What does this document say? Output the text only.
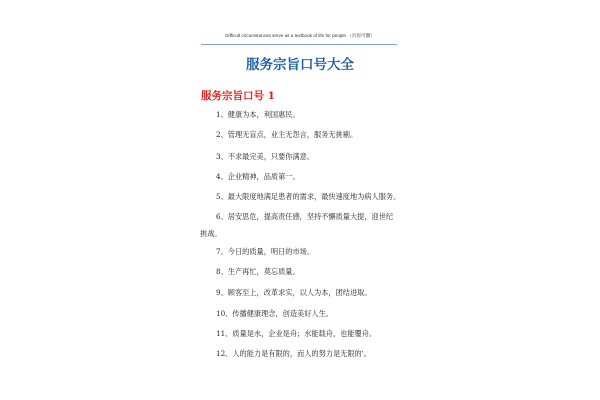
Difficult circumstances serve as a textbook of life for people.（页眉可删）
服务宗旨口号大全
服务宗旨口号 1
1、健康为本，利国惠民。
2、管理无盲点，业主无怨言，服务无挑剔。
3、不求最完美，只要你满意。
4、企业精神，品质第一。
5、最大限度地满足患者的需求，最快速度地为病人服务。
6、居安思危，提高责任感，坚持不懈质量大提，迎世纪挑战。
7、今日的质量，明日的市场。
8、生产再忙，莫忘质量。
9、顾客至上，改革求实，以人为本，团结进取。
10、传播健康理念，创造美好人生。
11、质量是水，企业是舟；水能载舟，也能覆舟。
12、人的能力是有限的，而人的努力是无限的'。
